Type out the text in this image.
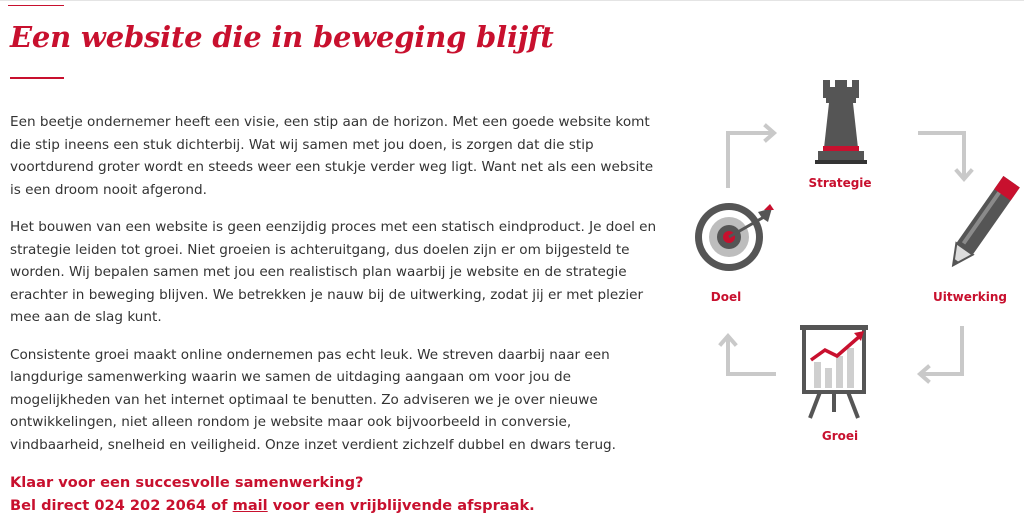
Een website die in beweging blijft

Een beetje ondernemer heeft een visie, een stip aan de horizon. Met een goede website komt die stip ineens een stuk dichterbij. Wat wij samen met jou doen, is zorgen dat die stip voortdurend groter wordt en steeds weer een stukje verder weg ligt. Want net als een website is een droom nooit afgerond.

Het bouwen van een website is geen eenzijdig proces met een statisch eindproduct. Je doel en strategie leiden tot groei. Niet groeien is achteruitgang, dus doelen zijn er om bijgesteld te worden. Wij bepalen samen met jou een realistisch plan waarbij je website en de strategie erachter in beweging blijven. We betrekken je nauw bij de uitwerking, zodat jij er met plezier mee aan de slag kunt.

Consistente groei maakt online ondernemen pas echt leuk. We streven daarbij naar een langdurige samenwerking waarin we samen de uitdaging aangaan om voor jou de mogelijkheden van het internet optimaal te benutten. Zo adviseren we je over nieuwe ontwikkelingen, niet alleen rondom je website maar ook bijvoorbeeld in conversie, vindbaarheid, snelheid en veiligheid. Onze inzet verdient zichzelf dubbel en dwars terug.

Klaar voor een succesvolle samenwerking?
Bel direct 024 202 2064 of mail voor een vrijblijvende afspraak.
Strategie
Uitwerking
Groei
Doel
